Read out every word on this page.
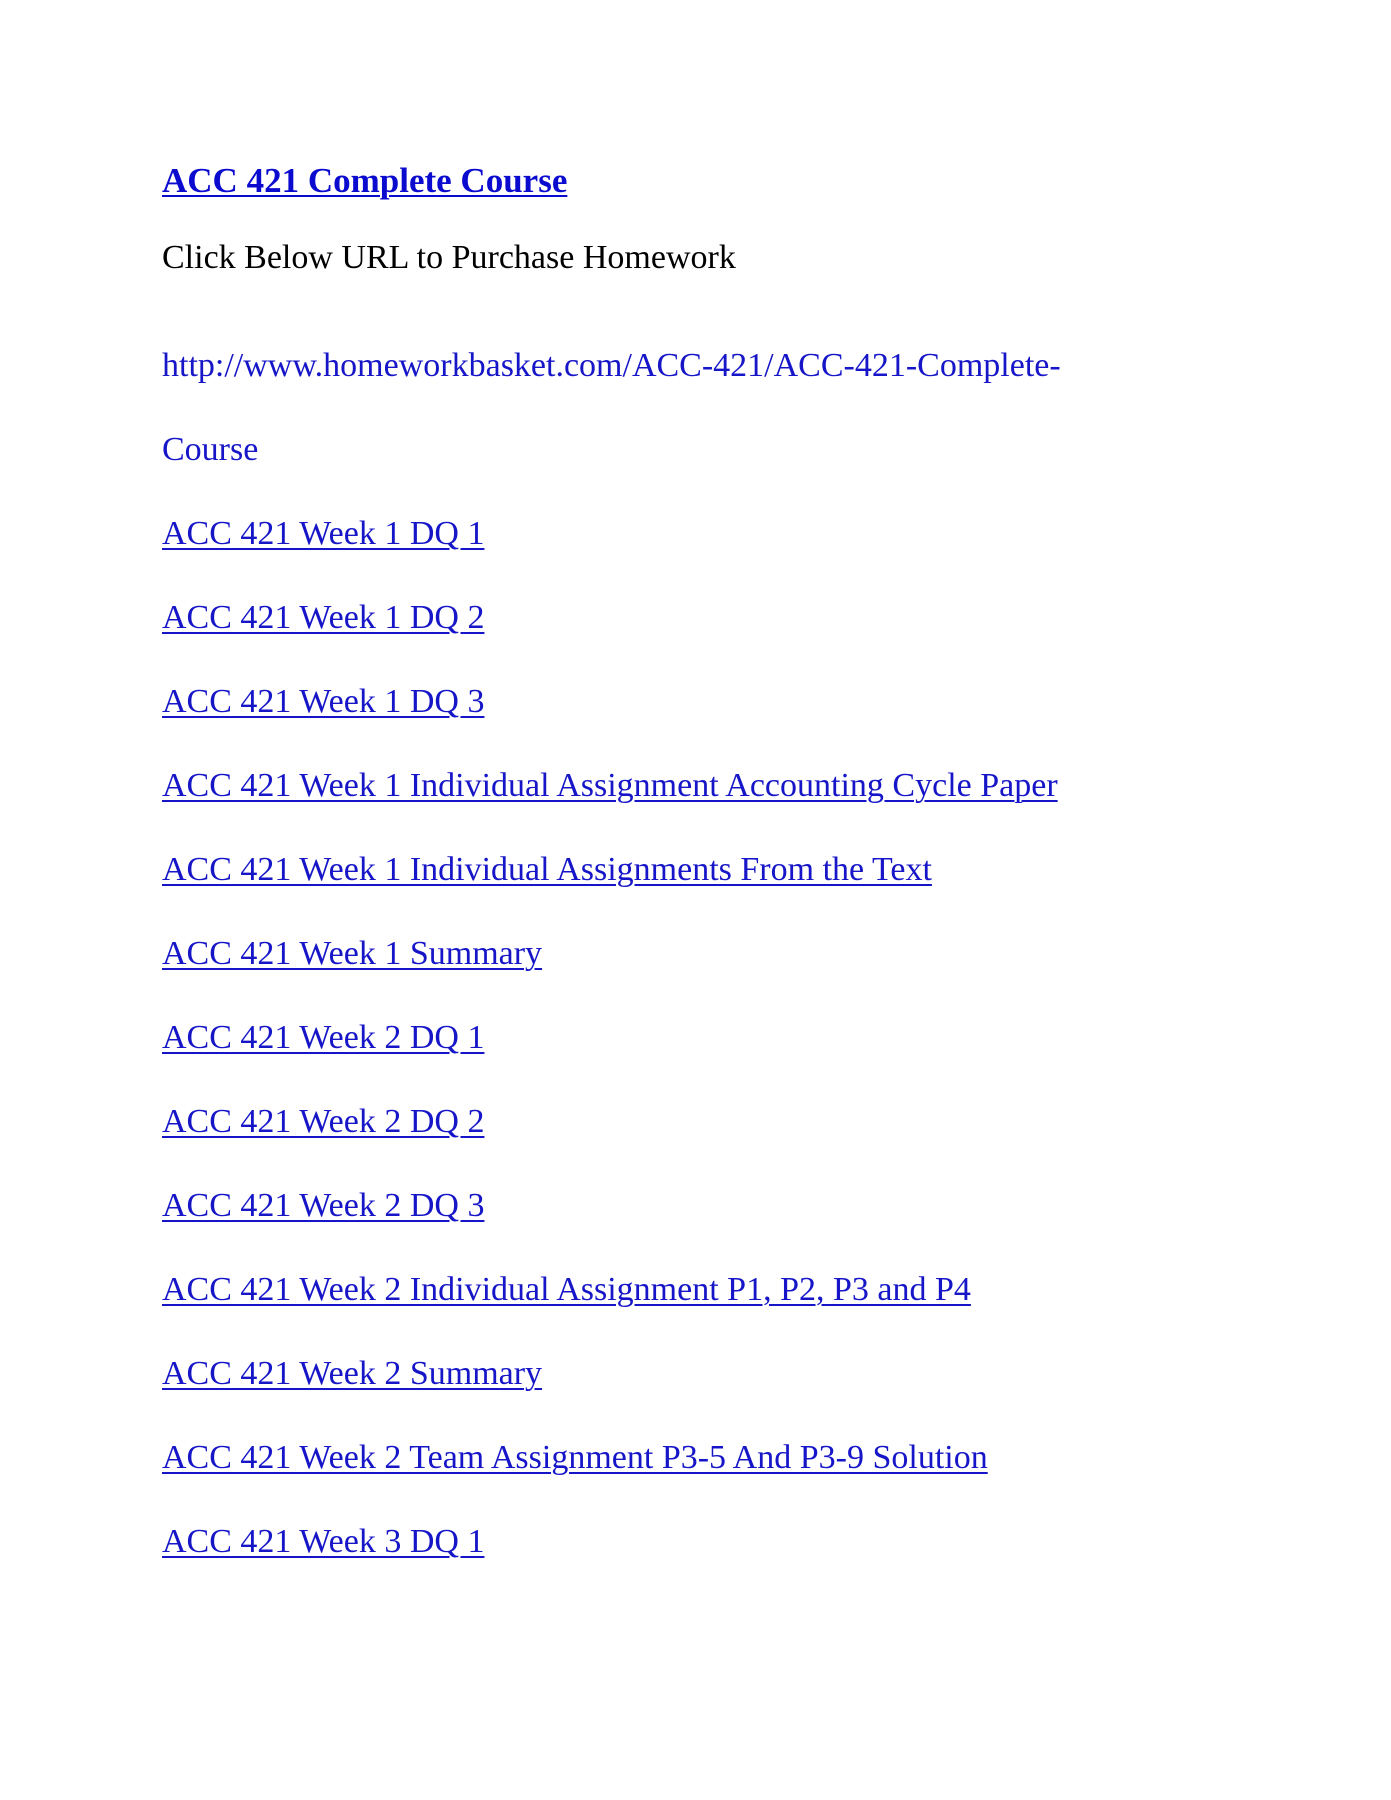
ACC 421 Complete Course
Click Below URL to Purchase Homework
http://www.homeworkbasket.com/ACC-421/ACC-421-Complete-
Course
ACC 421 Week 1 DQ 1
ACC 421 Week 1 DQ 2
ACC 421 Week 1 DQ 3
ACC 421 Week 1 Individual Assignment Accounting Cycle Paper
ACC 421 Week 1 Individual Assignments From the Text
ACC 421 Week 1 Summary
ACC 421 Week 2 DQ 1
ACC 421 Week 2 DQ 2
ACC 421 Week 2 DQ 3
ACC 421 Week 2 Individual Assignment P1, P2, P3 and P4
ACC 421 Week 2 Summary
ACC 421 Week 2 Team Assignment P3-5 And P3-9 Solution
ACC 421 Week 3 DQ 1
